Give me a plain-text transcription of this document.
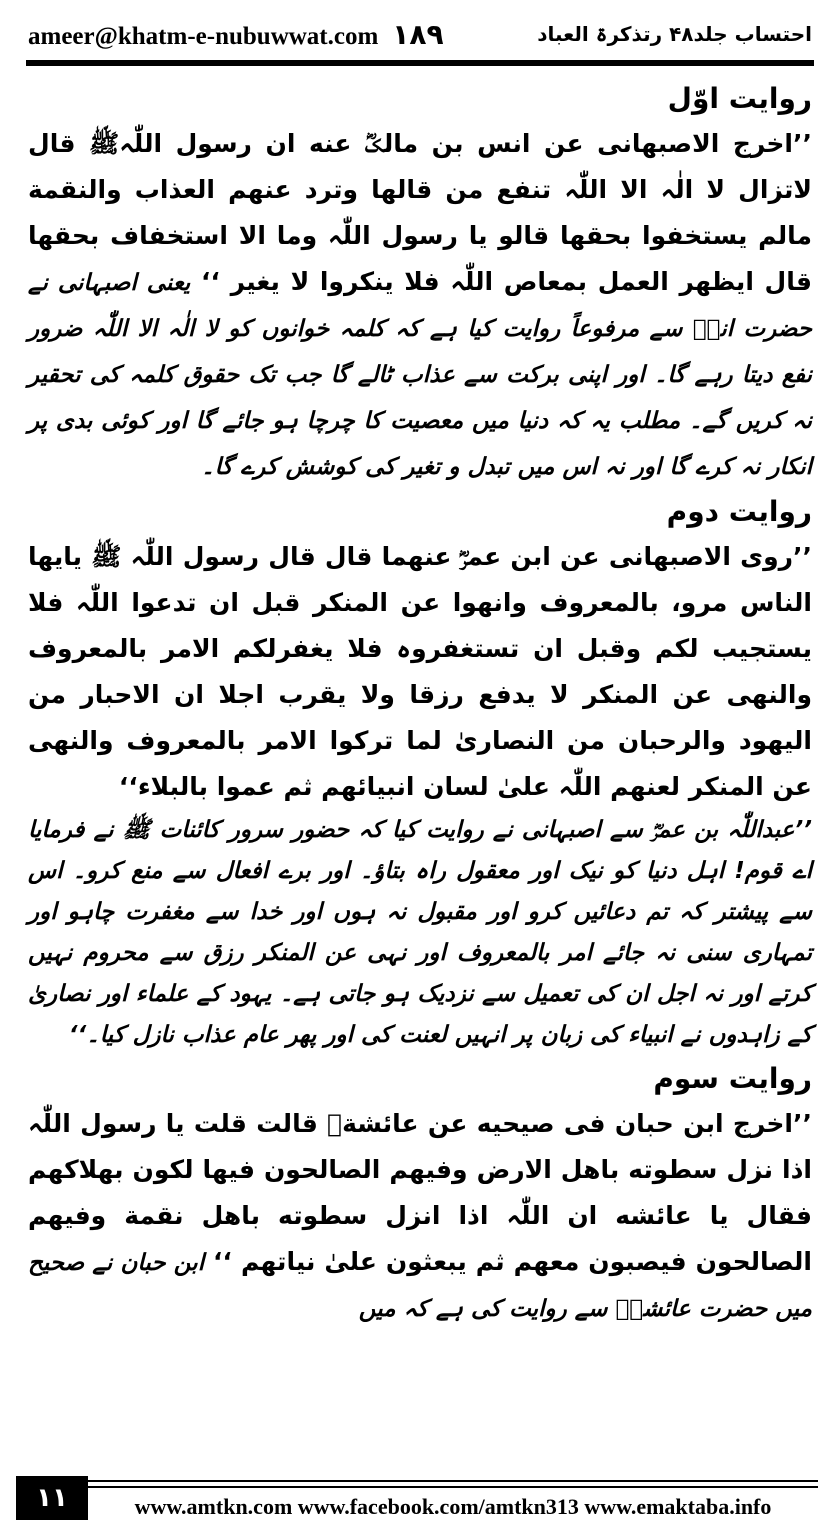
ameer@khatm-e-nubuwwat.com ١٨٩	احتساب جلد۴۸ رتذکرۃ العباد
روایت اوّل

’’اخرج الاصبھانی عن انس بن مالکؓ عنه ان رسول اللّٰہﷺ قال لاتزال لا الٰہ الا اللّٰہ تنفع من قالھا وترد عنھم العذاب والنقمة مالم یستخفوا بحقھا قالو یا رسول اللّٰہ وما الا استخفاف بحقھا قال ایظھر العمل بمعاص اللّٰہ فلا ینکروا لا یغیر ‘‘ یعنی اصبہانی نے حضرت انسؓ سے مرفوعاً روایت کیا ہے کہ کلمہ خوانوں کو لا الٰہ الا اللّٰہ ضرور نفع دیتا رہے گا۔ اور اپنی برکت سے عذاب ٹالے گا جب تک حقوق کلمہ کی تحقیر نہ کریں گے۔ مطلب یہ کہ دنیا میں معصیت کا چرچا ہو جائے گا اور کوئی بدی پر انکار نہ کرے گا اور نہ اس میں تبدل و تغیر کی کوشش کرے گا۔

روایت دوم

’’روی الاصبھانی عن ابن عمرؓ عنھما قال قال رسول اللّٰہ ﷺ یایھا الناس مرو، بالمعروف وانھوا عن المنکر قبل ان تدعوا اللّٰہ فلا یستجیب لکم وقبل ان تستغفروہ فلا یغفرلکم الامر بالمعروف والنھی عن المنکر لا یدفع رزقا ولا یقرب اجلا ان الاحبار من الیھود والرحبان من النصاریٰ لما ترکوا الامر بالمعروف والنھی عن المنکر لعنھم اللّٰہ علیٰ لسان انبیائھم ثم عموا بالبلاء‘‘

’’عبداللّٰہ بن عمرؓ سے اصبہانی نے روایت کیا کہ حضور سرور کائنات ﷺ نے فرمایا اے قوم! اہل دنیا کو نیک اور معقول راہ بتاؤ۔ اور برے افعال سے منع کرو۔ اس سے پیشتر کہ تم دعائیں کرو اور مقبول نہ ہوں اور خدا سے مغفرت چاہو اور تمہاری سنی نہ جائے امر بالمعروف اور نہی عن المنکر رزق سے محروم نہیں کرتے اور نہ اجل ان کی تعمیل سے نزدیک ہو جاتی ہے۔ یہود کے علماء اور نصاریٰ کے زاہدوں نے انبیاء کی زبان پر انہیں لعنت کی اور پھر عام عذاب نازل کیا۔‘‘

روایت سوم

’’اخرج ابن حبان فی صیحیه عن عائشةؓ قالت قلت یا رسول اللّٰہ اذا نزل سطوته باھل الارض وفیھم الصالحون فیھا لکون بھلاکھم فقال یا عائشه ان اللّٰہ اذا انزل سطوته باھل نقمة وفیھم الصالحون فیصبون معھم ثم یبعثون علیٰ نیاتھم ‘‘ ابن حبان نے صحیح میں حضرت عائشہؓ سے روایت کی ہے کہ میں

١١	www.amtkn.com www.facebook.com/amtkn313 www.emaktaba.info
